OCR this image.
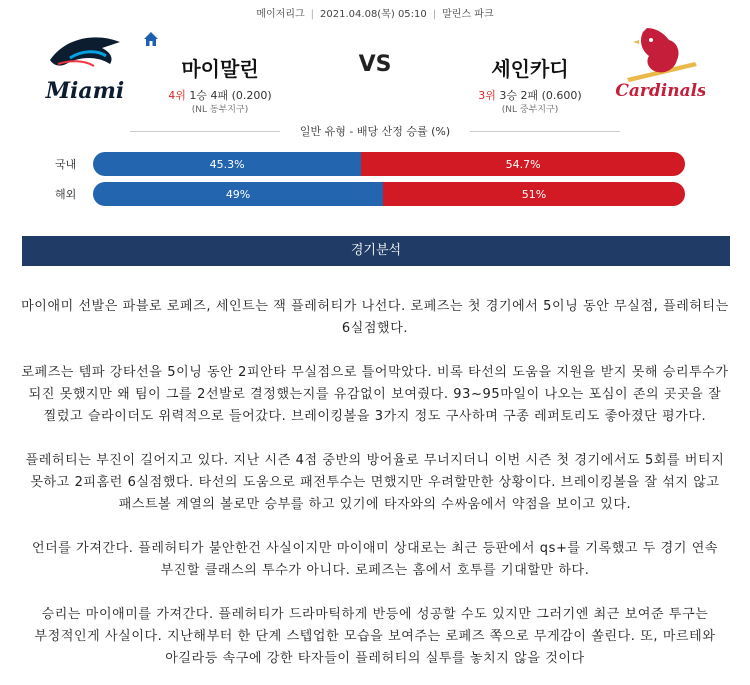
메이저리그 | 2021.04.08(목) 05:10 | 말린스 파크
Miami
마이말린	VS	세인카디
4위 1승 4패 (0.200)
(NL 동부지구)
3위 3승 2패 (0.600)
(NL 중부지구)
Cardinals
일반 유형 - 배당 산정 승률 (%)
국내	45.3%	54.7%
해외	49%	51%
경기분석

마이애미 선발은 파블로 로페즈, 세인트는 잭 플레허티가 나선다. 로페즈는 첫 경기에서 5이닝 동안 무실점, 플레허티는 6실점했다.

로페즈는 템파 강타선을 5이닝 동안 2피안타 무실점으로 틀어막았다. 비록 타선의 도움을 지원을 받지 못해 승리투수가 되진 못했지만 왜 팀이 그를 2선발로 결정했는지를 유감없이 보여줬다. 93~95마일이 나오는 포심이 존의 곳곳을 잘 찔렀고 슬라이더도 위력적으로 들어갔다. 브레이킹볼을 3가지 정도 구사하며 구종 레퍼토리도 좋아졌단 평가다.

플레허티는 부진이 길어지고 있다. 지난 시즌 4점 중반의 방어율로 무너지더니 이번 시즌 첫 경기에서도 5회를 버티지 못하고 2피홈런 6실점했다. 타선의 도움으로 패전투수는 면했지만 우려할만한 상황이다. 브레이킹볼을 잘 섞지 않고 패스트볼 계열의 볼로만 승부를 하고 있기에 타자와의 수싸움에서 약점을 보이고 있다.

언더를 가져간다. 플레허티가 불안한건 사실이지만 마이애미 상대로는 최근 등판에서 qs+를 기록했고 두 경기 연속 부진할 클래스의 투수가 아니다. 로페즈는 홈에서 호투를 기대할만 하다.

승리는 마이애미를 가져간다. 플레허티가 드라마틱하게 반등에 성공할 수도 있지만 그러기엔 최근 보여준 투구는 부정적인게 사실이다. 지난해부터 한 단계 스텝업한 모습을 보여주는 로페즈 쪽으로 무게감이 쏠린다. 또, 마르테와 아길라등 속구에 강한 타자들이 플레허티의 실투를 놓치지 않을 것이다
